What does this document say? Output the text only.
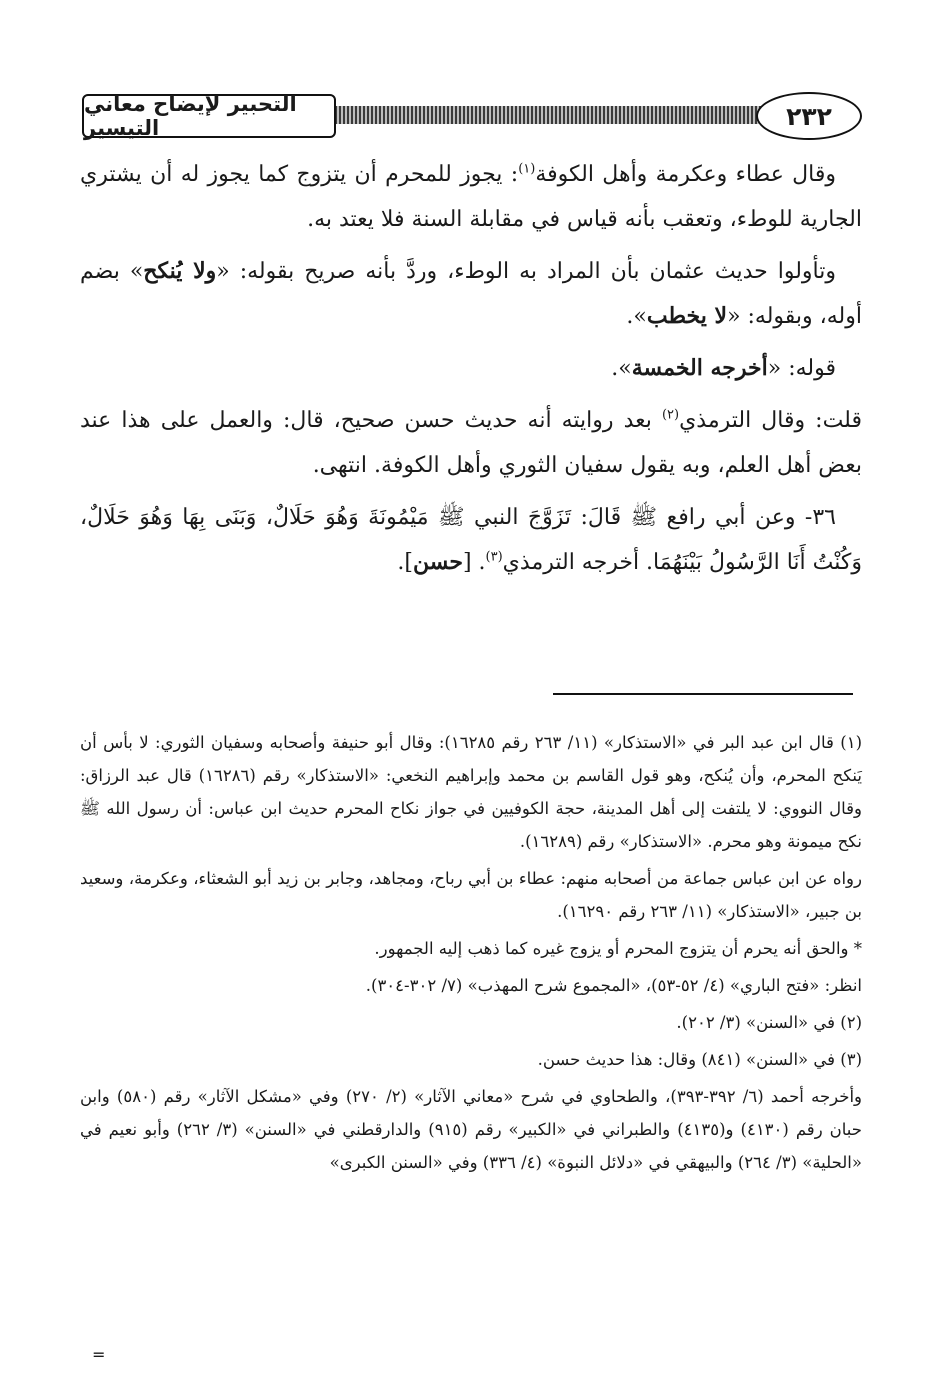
التحبير لإيضاح معاني التيسير	٢٣٢

وقال عطاء وعكرمة وأهل الكوفة$^{(١)}$: يجوز للمحرم أن يتزوج كما يجوز له أن يشتري الجارية للوطء، وتعقب بأنه قياس في مقابلة السنة فلا يعتد به.

وتأولوا حديث عثمان بأن المراد به الوطء، وردَّ بأنه صريح بقوله: «ولا يُنكح» بضم أوله، وبقوله: «لا يخطب».

قوله: «أخرجه الخمسة».

قلت: وقال الترمذي$^{(٢)}$ بعد روايته أنه حديث حسن صحيح، قال: والعمل على هذا عند بعض أهل العلم، وبه يقول سفيان الثوري وأهل الكوفة. انتهى.

٣٦- وعن أبي رافع ﷺ قَالَ: تَزَوَّجَ النبي ﷺ مَيْمُونَةَ وَهُوَ حَلَالٌ، وَبَنَى بِهَا وَهُوَ حَلَالٌ، وَكُنْتُ أَنَا الرَّسُولُ بَيْنَهُمَا. أخرجه الترمذي$^{(٣)}$. [حسن].

(١) قال ابن عبد البر في «الاستذكار» (١١/ ٢٦٣ رقم ١٦٢٨٥): وقال أبو حنيفة وأصحابه وسفيان الثوري: لا بأس أن يَنكح المحرم، وأن يُنكح، وهو قول القاسم بن محمد وإبراهيم النخعي: «الاستذكار» رقم (١٦٢٨٦) قال عبد الرزاق: وقال النووي: لا يلتفت إلى أهل المدينة، حجة الكوفيين في جواز نكاح المحرم حديث ابن عباس: أن رسول الله ﷺ نكح ميمونة وهو محرم. «الاستذكار» رقم (١٦٢٨٩).

رواه عن ابن عباس جماعة من أصحابه منهم: عطاء بن أبي رباح، ومجاهد، وجابر بن زيد أبو الشعثاء، وعكرمة، وسعيد بن جبير، «الاستذكار» (١١/ ٢٦٣ رقم ١٦٢٩٠).

* والحق أنه يحرم أن يتزوج المحرم أو يزوج غيره كما ذهب إليه الجمهور.

انظر: «فتح الباري» (٤/ ٥٢-٥٣)، «المجموع شرح المهذب» (٧/ ٣٠٢-٣٠٤).

(٢) في «السنن» (٣/ ٢٠٢).

(٣) في «السنن» (٨٤١) وقال: هذا حديث حسن.

وأخرجه أحمد (٦/ ٣٩٢-٣٩٣)، والطحاوي في شرح «معاني الآثار» (٢/ ٢٧٠) وفي «مشكل الآثار» رقم (٥٨٠) وابن حبان رقم (٤١٣٠) و(٤١٣٥) والطبراني في «الكبير» رقم (٩١٥) والدارقطني في «السنن» (٣/ ٢٦٢) وأبو نعيم في «الحلية» (٣/ ٢٦٤) والبيهقي في «دلائل النبوة» (٤/ ٣٣٦) وفي «السنن الكبرى»

=
